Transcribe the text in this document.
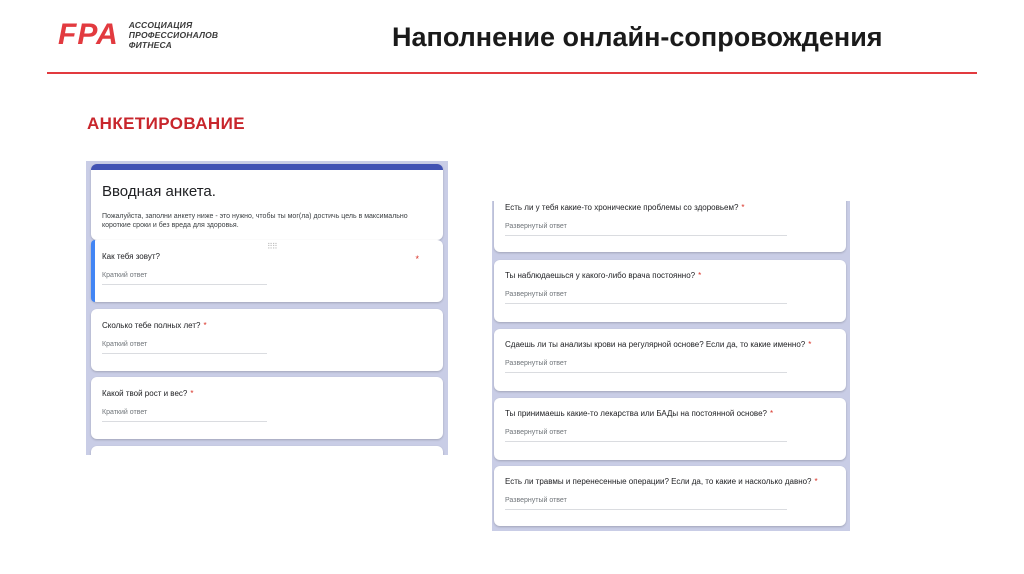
FPA АССОЦИАЦИЯ
ПРОФЕССИОНАЛОВ
ФИТНЕСА	Наполнение онлайн-сопровождения
АНКЕТИРОВАНИЕ
Вводная анкета.
Пожалуйста, заполни анкету ниже - это нужно, чтобы ты мог(ла) достичь цель в максимально короткие сроки и без вреда для здоровья.
⠿⠿
Как тебя зовут?	*
Краткий ответ
Сколько тебе полных лет? *
Краткий ответ
Какой твой рост и вес? *
Краткий ответ
Есть ли у тебя какие-то хронические проблемы со здоровьем? *
Развернутый ответ
Ты наблюдаешься у какого-либо врача постоянно? *
Развернутый ответ
Сдаешь ли ты анализы крови на регулярной основе? Если да, то какие именно? *
Развернутый ответ
Ты принимаешь какие-то лекарства или БАДы на постоянной основе? *
Развернутый ответ
Есть ли травмы и перенесенные операции? Если да, то какие и насколько давно? *
Развернутый ответ
